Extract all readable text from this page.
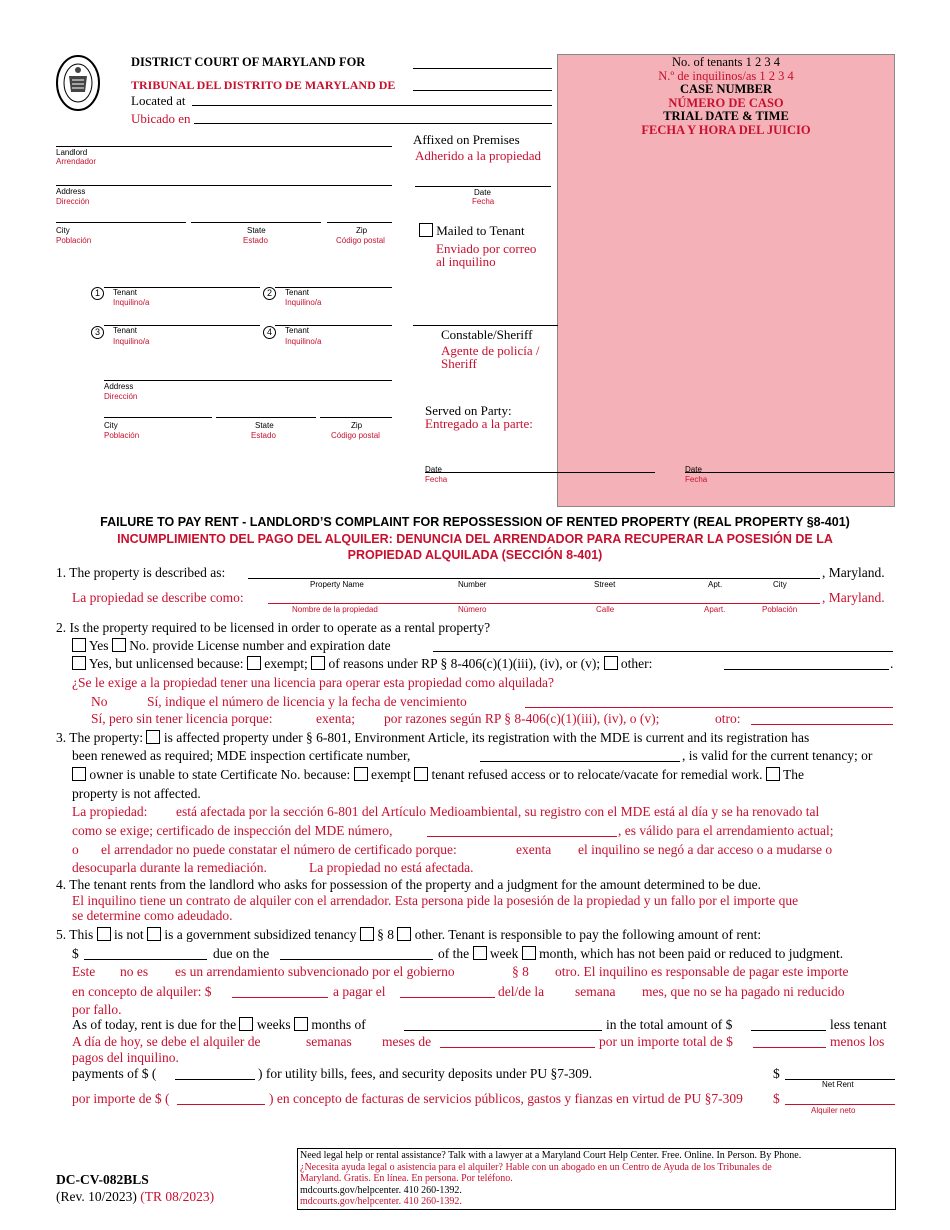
DISTRICT COURT OF MARYLAND FOR
TRIBUNAL DEL DISTRITO DE MARYLAND DE
Located at
Ubicado en
No. of tenants 1 2 3 4
N.º de inquilinos/as 1 2 3 4
CASE NUMBER
NÚMERO DE CASO
TRIAL DATE & TIME
FECHA Y HORA DEL JUICIO
Landlord
Arrendador
Address
Dirección
City
Población
State
Estado
Zip
Código postal
1	Tenant
Inquilino/a
2	Tenant
Inquilino/a
3	Tenant
Inquilino/a
4	Tenant
Inquilino/a
Address
Dirección
City
Población
State
Estado
Zip
Código postal
Affixed on Premises
Adherido a la propiedad
Date
Fecha
Mailed to Tenant
Enviado por correo
al inquilino
Constable/Sheriff
Agente de policía /
Sheriff
Served on Party:
Entregado a la parte:
Date
Fecha
Date
Fecha
FAILURE TO PAY RENT - LANDLORD’S COMPLAINT FOR REPOSSESSION OF RENTED PROPERTY (REAL PROPERTY §8-401)
INCUMPLIMIENTO DEL PAGO DEL ALQUILER: DENUNCIA DEL ARRENDADOR PARA RECUPERAR LA POSESIÓN DE LA
PROPIEDAD ALQUILADA (SECCIÓN 8-401)
1. The property is described as:	, Maryland.
Property Name	Number	Street	Apt.	City
La propiedad se describe como:	, Maryland.
Nombre de la propiedad	Número	Calle	Apart.	Población
2. Is the property required to be licensed in order to operate as a rental property?
Yes No. provide License number and expiration date
Yes, but unlicensed because: exempt; of reasons under RP § 8-406(c)(1)(iii), (iv), or (v); other:	.
¿Se le exige a la propiedad tener una licencia para operar esta propiedad como alquilada?
No	Sí, indique el número de licencia y la fecha de vencimiento
Sí, pero sin tener licencia porque:	exenta; por razones según RP § 8-406(c)(1)(iii), (iv), o (v);	otro:
3. The property: is affected property under § 6-801, Environment Article, its registration with the MDE is current and its registration has
been renewed as required; MDE inspection certificate number,	, is valid for the current tenancy; or
owner is unable to state Certificate No. because: exempt tenant refused access or to relocate/vacate for remedial work. The
property is not affected.
La propiedad: está afectada por la sección 6-801 del Artículo Medioambiental, su registro con el MDE está al día y se ha renovado tal
como se exige; certificado de inspección del MDE número,	, es válido para el arrendamiento actual;
o el arrendador no puede constatar el número de certificado porque:	exenta el inquilino se negó a dar acceso o a mudarse o
desocuparla durante la remediación.	La propiedad no está afectada.
4. The tenant rents from the landlord who asks for possession of the property and a judgment for the amount determined to be due.
El inquilino tiene un contrato de alquiler con el arrendador. Esta persona pide la posesión de la propiedad y un fallo por el importe que
se determine como adeudado.
5. This is not is a government subsidized tenancy § 8 other. Tenant is responsible to pay the following amount of rent:
$	due on the	of the week month, which has not been paid or reduced to judgment.
Este no es es un arrendamiento subvencionado por el gobierno	§ 8 otro. El inquilino es responsable de pagar este importe
en concepto de alquiler: $	a pagar el	del/de la semana mes, que no se ha pagado ni reducido
por fallo.
As of today, rent is due for the weeks months of	in the total amount of $	less tenant
A día de hoy, se debe el alquiler de	semanas meses de	por un importe total de $	menos los
pagos del inquilino.
payments of $ (	) for utility bills, fees, and security deposits under PU §7-309.	$
Net Rent
por importe de $ (	) en concepto de facturas de servicios públicos, gastos y fianzas en virtud de PU §7-309 $
Alquiler neto
DC-CV-082BLS
(Rev. 10/2023) (TR 08/2023)
Need legal help or rental assistance? Talk with a lawyer at a Maryland Court Help Center. Free. Online. In Person. By Phone.
¿Necesita ayuda legal o asistencia para el alquiler? Hable con un abogado en un Centro de Ayuda de los Tribunales de
Maryland. Gratis. En línea. En persona. Por teléfono.
mdcourts.gov/helpcenter. 410 260-1392.
mdcourts.gov/helpcenter. 410 260-1392.
